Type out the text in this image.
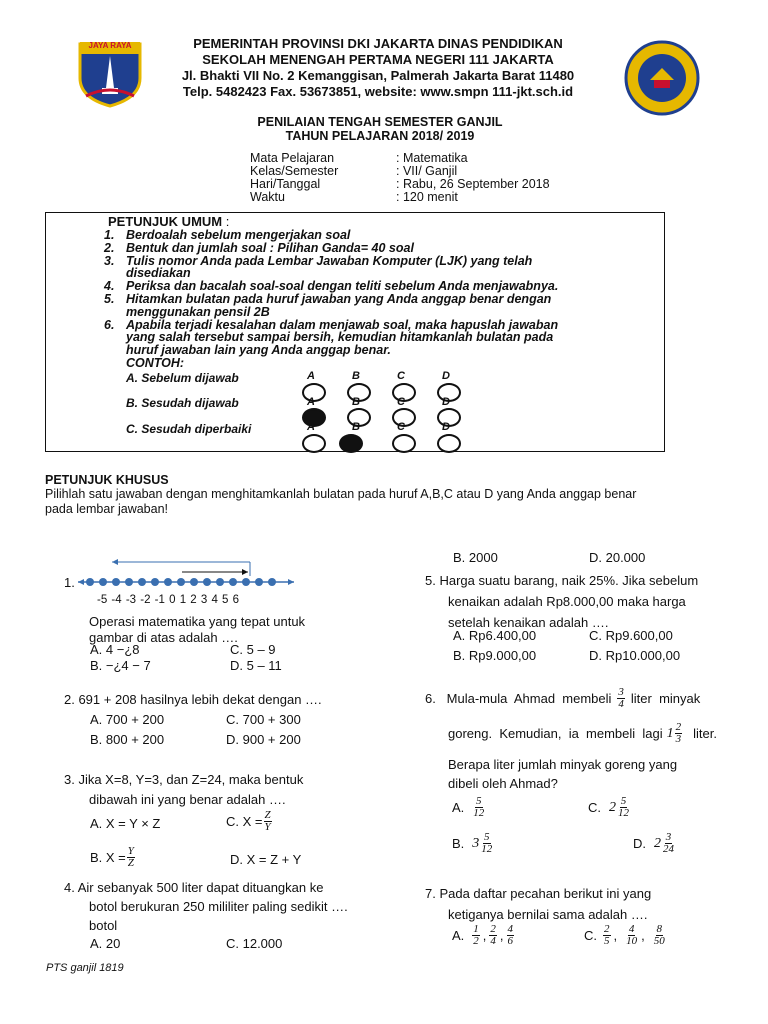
JAYA RAYA	PEMERINTAH PROVINSI DKI JAKARTA DINAS PENDIDIKAN
SEKOLAH MENENGAH PERTAMA NEGERI 111 JAKARTA
Jl. Bhakti VII No. 2 Kemanggisan, Palmerah Jakarta Barat 11480
Telp. 5482423 Fax. 53673851, website: www.smpn 111-jkt.sch.id
PENILAIAN TENGAH SEMESTER GANJIL
TAHUN PELAJARAN 2018/ 2019
Mata Pelajaran	: Matematika
Kelas/Semester	: VII/ Ganjil
Hari/Tanggal	: Rabu, 26 September 2018
Waktu	: 120 menit
PETUNJUK UMUM :
1. Berdoalah sebelum mengerjakan soal
2. Bentuk dan jumlah soal : Pilihan Ganda= 40 soal
3. Tulis nomor Anda pada Lembar Jawaban Komputer (LJK) yang telah
disediakan
4. Periksa dan bacalah soal-soal dengan teliti sebelum Anda menjawabnya.
5. Hitamkan bulatan pada huruf jawaban yang Anda anggap benar dengan
menggunakan pensil 2B
6. Apabila terjadi kesalahan dalam menjawab soal, maka hapuslah jawaban
yang salah tersebut sampai bersih, kemudian hitamkanlah bulatan pada
huruf jawaban lain yang Anda anggap benar.
CONTOH:
A. Sebelum dijawab
B. Sesudah dijawab
C. Sesudah diperbaiki
A	B	C	D
A	B	C	D
A	B	C	D
PETUNJUK KHUSUS
Pilihlah satu jawaban dengan menghitamkanlah bulatan pada huruf A,B,C atau D yang Anda anggap benar
pada lembar jawaban!
1.
-5 -4 -3 -2 -1 0 1 2 3 4 5 6
Operasi matematika yang tepat untuk
gambar di atas adalah ….
A. 4 −¿8	C. 5 – 9
B. −¿4 − 7	D. 5 – 11
2. 691 + 208 hasilnya lebih dekat dengan ….
A. 700 + 200	C. 700 + 300
B. 800 + 200	D. 900 + 200
3. Jika X=8, Y=3, dan Z=24, maka bentuk
dibawah ini yang benar adalah ….
A. X = Y × Z	C. $X = \frac{Z}{Y}$
B. $X = \frac{Y}{Z}$	D. X = Z + Y
4. Air sebanyak 500 liter dapat dituangkan ke
botol berukuran 250 mililiter paling sedikit ….
botol
A. 20	C. 12.000
PTS ganjil 1819
B. 2000	D. 20.000
5. Harga suatu barang, naik 25%. Jika sebelum
kenaikan adalah Rp8.000,00 maka harga
setelah kenaikan adalah ….
A. Rp6.400,00	C. Rp9.600,00
B. Rp9.000,00	D. Rp10.000,00
6.   Mula-mula  Ahmad  membeli $\frac{3}{4}$ liter  minyak
goreng.  Kemudian,  ia  membeli  lagi $1 \frac{2}{3}$ liter.
Berapa liter jumlah minyak goreng yang
dibeli oleh Ahmad?
A. $\frac{5}{12}$	C. $2 \frac{5}{12}$
B. $3 \frac{5}{12}$	D. $2 \frac{3}{24}$
7. Pada daftar pecahan berikut ini yang
ketiganya bernilai sama adalah ….
A. $\frac{1}{2}$ , $\frac{2}{4}$ , $\frac{4}{6}$	C. $\frac{2}{5}$ , $\frac{4}{10}$ , $\frac{8}{50}$
